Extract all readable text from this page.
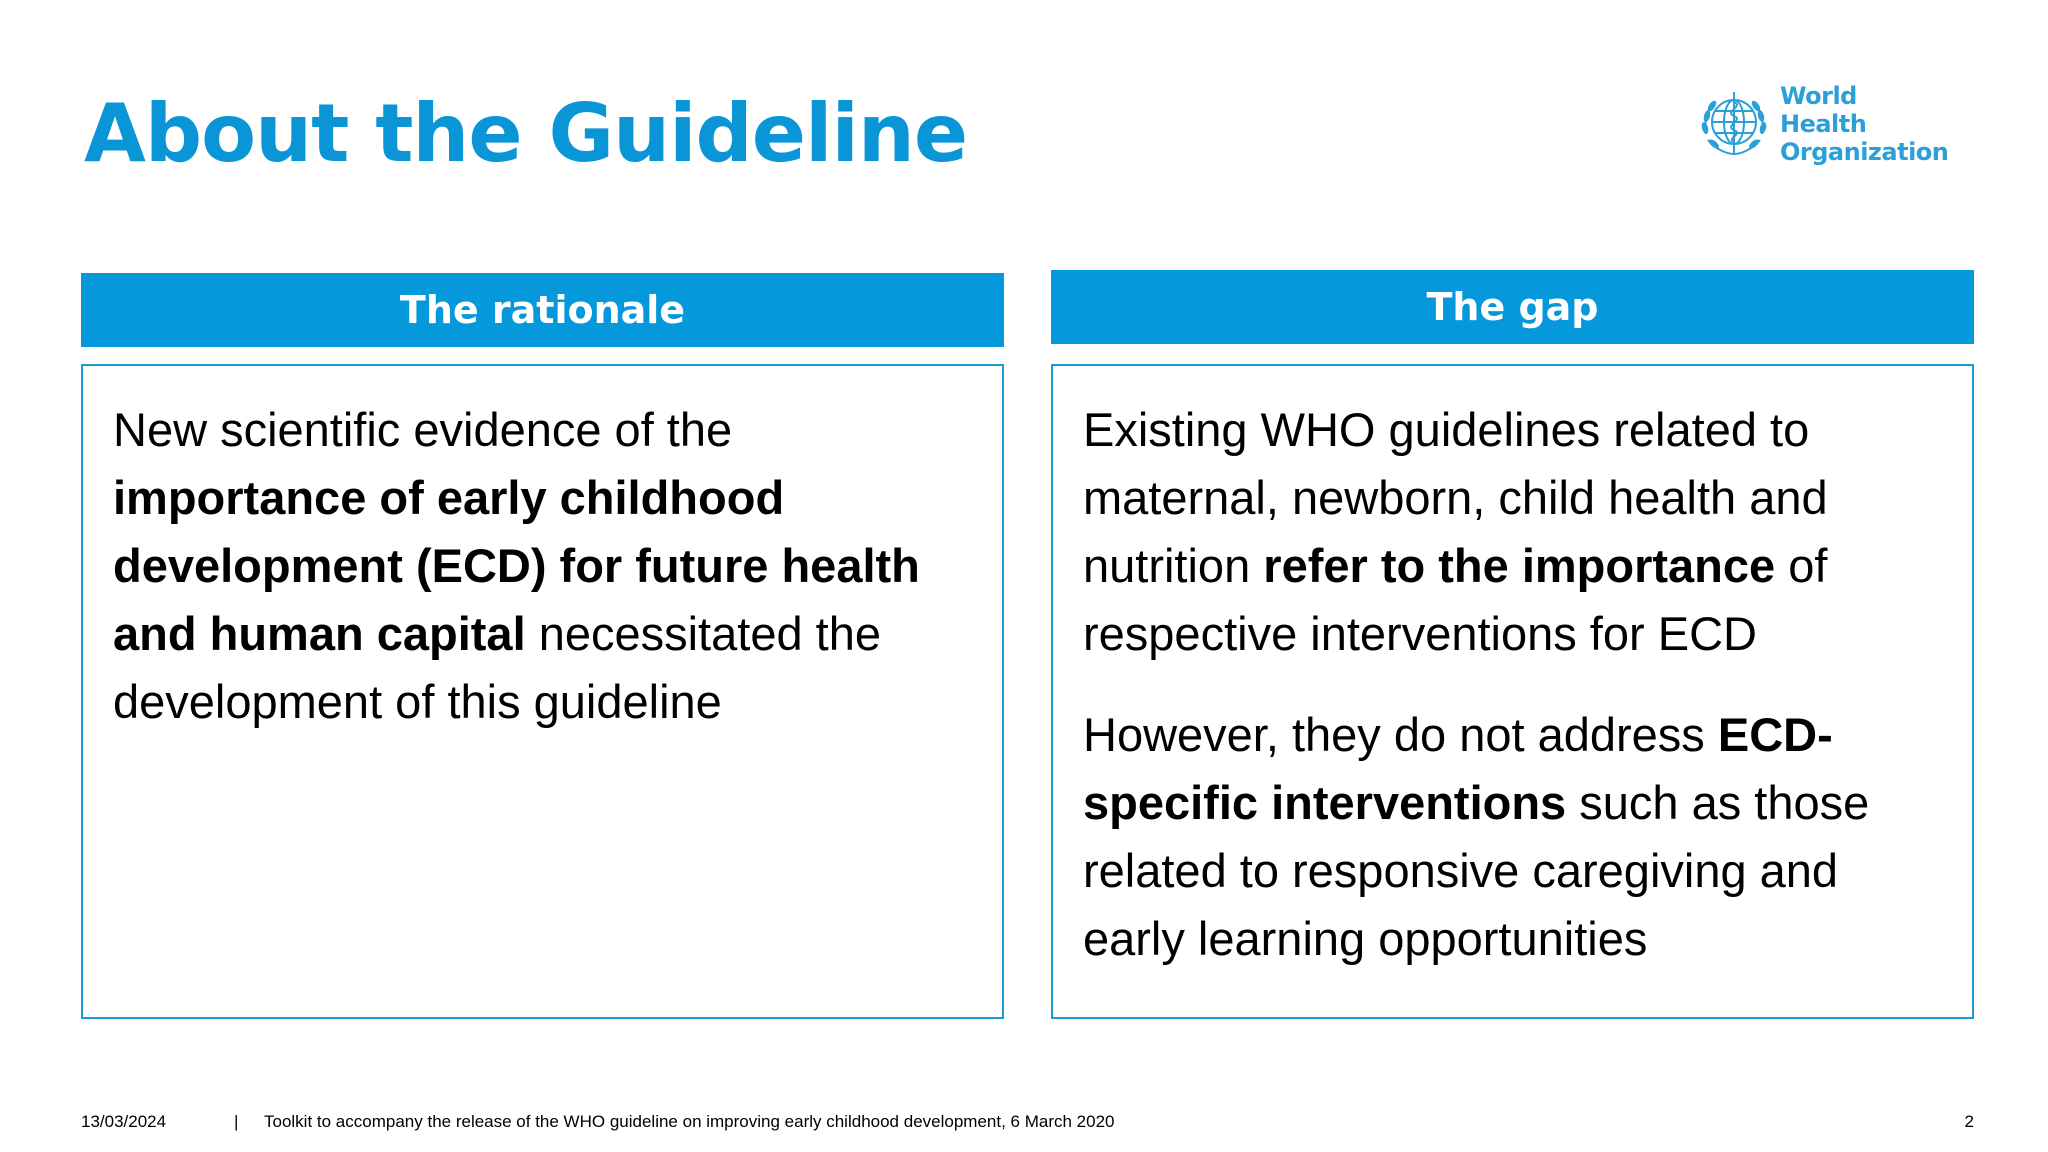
About the Guideline	World Health
Organization
The rationale

New scientific evidence of the importance of early childhood development (ECD) for future health and human capital necessitated the development of this guideline

The gap

Existing WHO guidelines related to maternal, newborn, child health and nutrition refer to the importance of respective interventions for ECD

However, they do not address ECD-specific interventions such as those related to responsive caregiving and early learning opportunities

13/03/2024	| Toolkit to accompany the release of the WHO guideline on improving early childhood development, 6 March 2020	2
